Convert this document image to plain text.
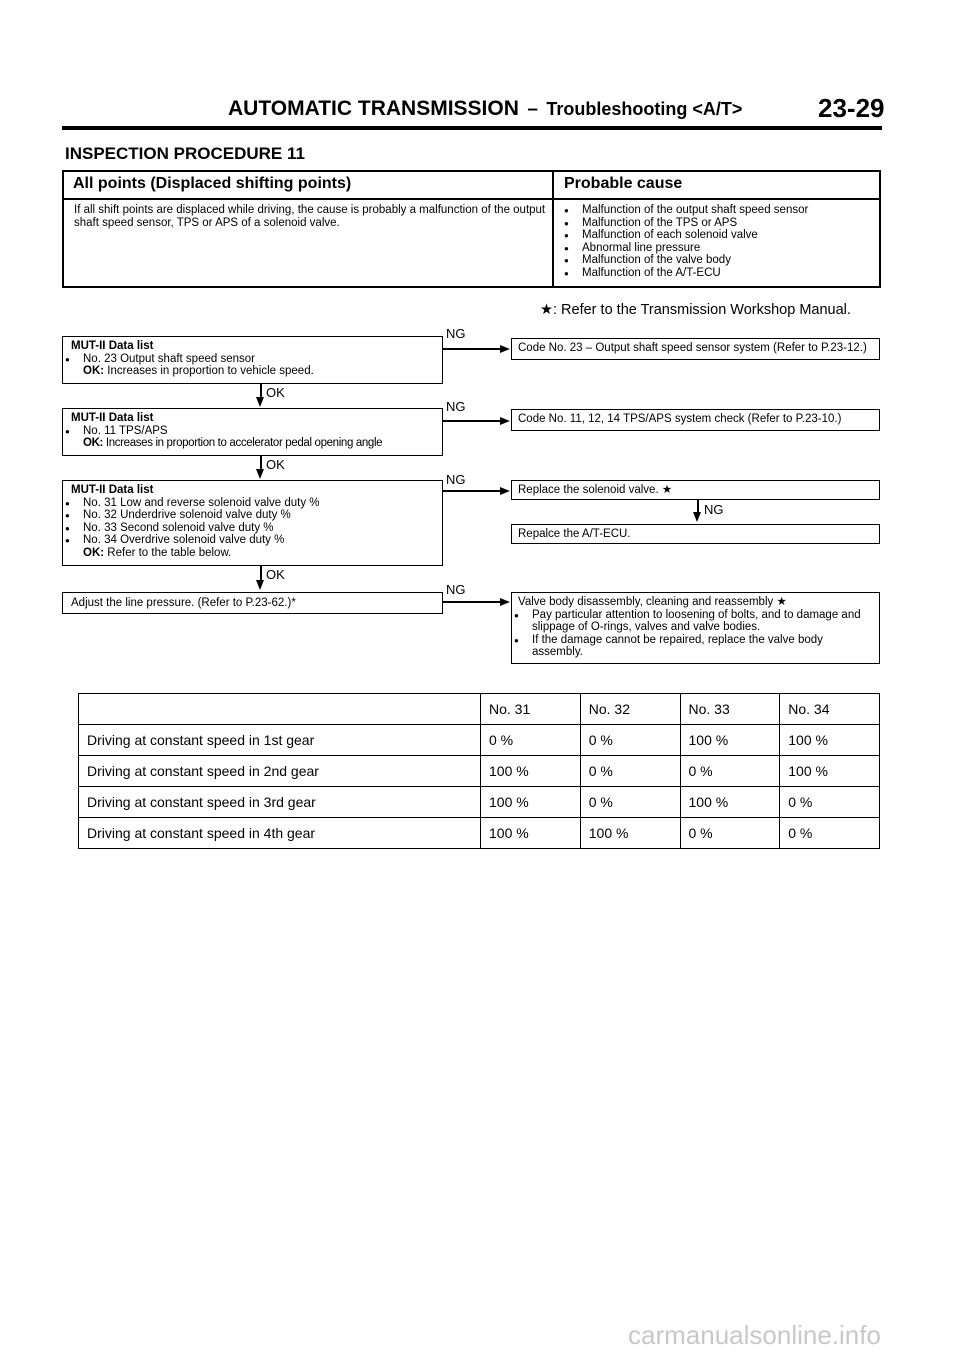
AUTOMATIC TRANSMISSION – Troubleshooting <A/T>	23-29
INSPECTION PROCEDURE 11
All points (Displaced shifting points)	Probable cause
If all shift points are displaced while driving, the cause is probably a malfunction of the output shaft speed sensor, TPS or APS of a solenoid valve.
● Malfunction of the output shaft speed sensor
● Malfunction of the TPS or APS
● Malfunction of each solenoid valve
● Abnormal line pressure
● Malfunction of the valve body
● Malfunction of the A/T-ECU
★: Refer to the Transmission Workshop Manual.
MUT-II Data list
● No. 23 Output shaft speed sensor
OK: Increases in proportion to vehicle speed.
NG
Code No. 23 – Output shaft speed sensor system (Refer to P.23-12.)
OK
MUT-II Data list
● No. 11 TPS/APS
OK: Increases in proportion to accelerator pedal opening angle
NG
Code No. 11, 12, 14 TPS/APS system check (Refer to P.23-10.)
OK
MUT-II Data list
● No. 31 Low and reverse solenoid valve duty %
● No. 32 Underdrive solenoid valve duty %
● No. 33 Second solenoid valve duty %
● No. 34 Overdrive solenoid valve duty %
OK: Refer to the table below.
NG
Replace the solenoid valve. ★
NG
Repalce the A/T-ECU.
OK
Adjust the line pressure. (Refer to P.23-62.)*
NG
Valve body disassembly, cleaning and reassembly ★
● Pay particular attention to loosening of bolts, and to damage and slippage of O-rings, valves and valve bodies.
● If the damage cannot be repaired, replace the valve body assembly.
	No. 31	No. 32	No. 33	No. 34
Driving at constant speed in 1st gear	0 %	0 %	100 %	100 %
Driving at constant speed in 2nd gear	100 %	0 %	0 %	100 %
Driving at constant speed in 3rd gear	100 %	0 %	100 %	0 %
Driving at constant speed in 4th gear	100 %	100 %	0 %	0 %
carmanualsonline.info
